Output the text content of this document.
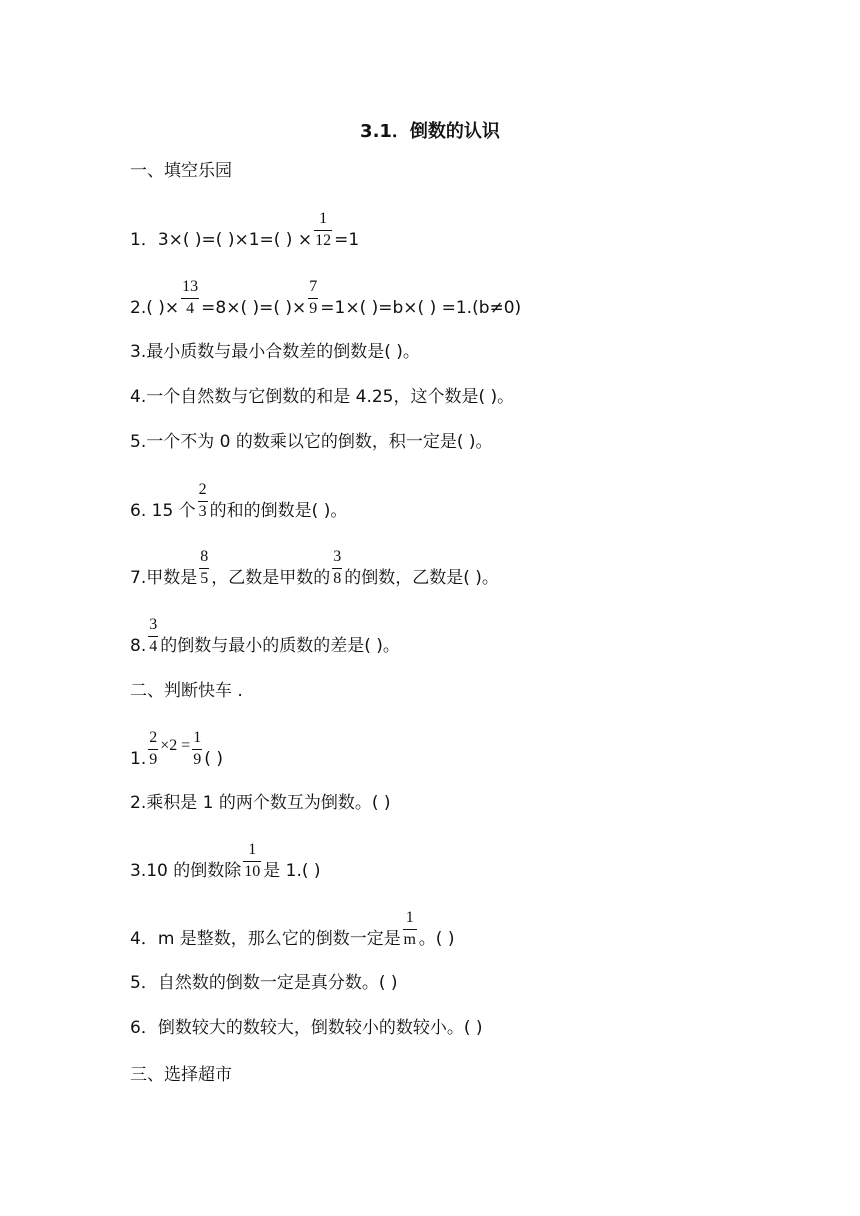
3.1．倒数的认识
一、填空乐园
1．3×( )=( )×1=( ) × $\frac{1}{12} =1$
2.( )× $\frac{13}{4} =8\times$( )=( )× $\frac{7}{9} =1\times$( )=b×( ) =1.(b≠0)
3.最小质数与最小合数差的倒数是( )。
4.一个自然数与它倒数的和是 4.25，这个数是( )。
5.一个不为 0 的数乘以它的倒数，积一定是( )。
6. 15 个 $\frac{2}{3}$ 的和的倒数是( )。
7.甲数是 $\frac{8}{5}$ ，乙数是甲数的 $\frac{3}{8}$ 的倒数，乙数是( )。
8. $\frac{3}{4}$ 的倒数与最小的质数的差是( )。
二、判断快车 .
1. $\frac{2}{9}$
×2 =
$\frac{1}{9}$ ( )
2.乘积是 1 的两个数互为倒数。( )
3.10 的倒数除 $\frac{1}{10}$ 是 1.( )
4．m 是整数，那么它的倒数一定是 $\frac{1}{m}$ 。( )
5．自然数的倒数一定是真分数。( )
6．倒数较大的数较大，倒数较小的数较小。( )
三、选择超市
